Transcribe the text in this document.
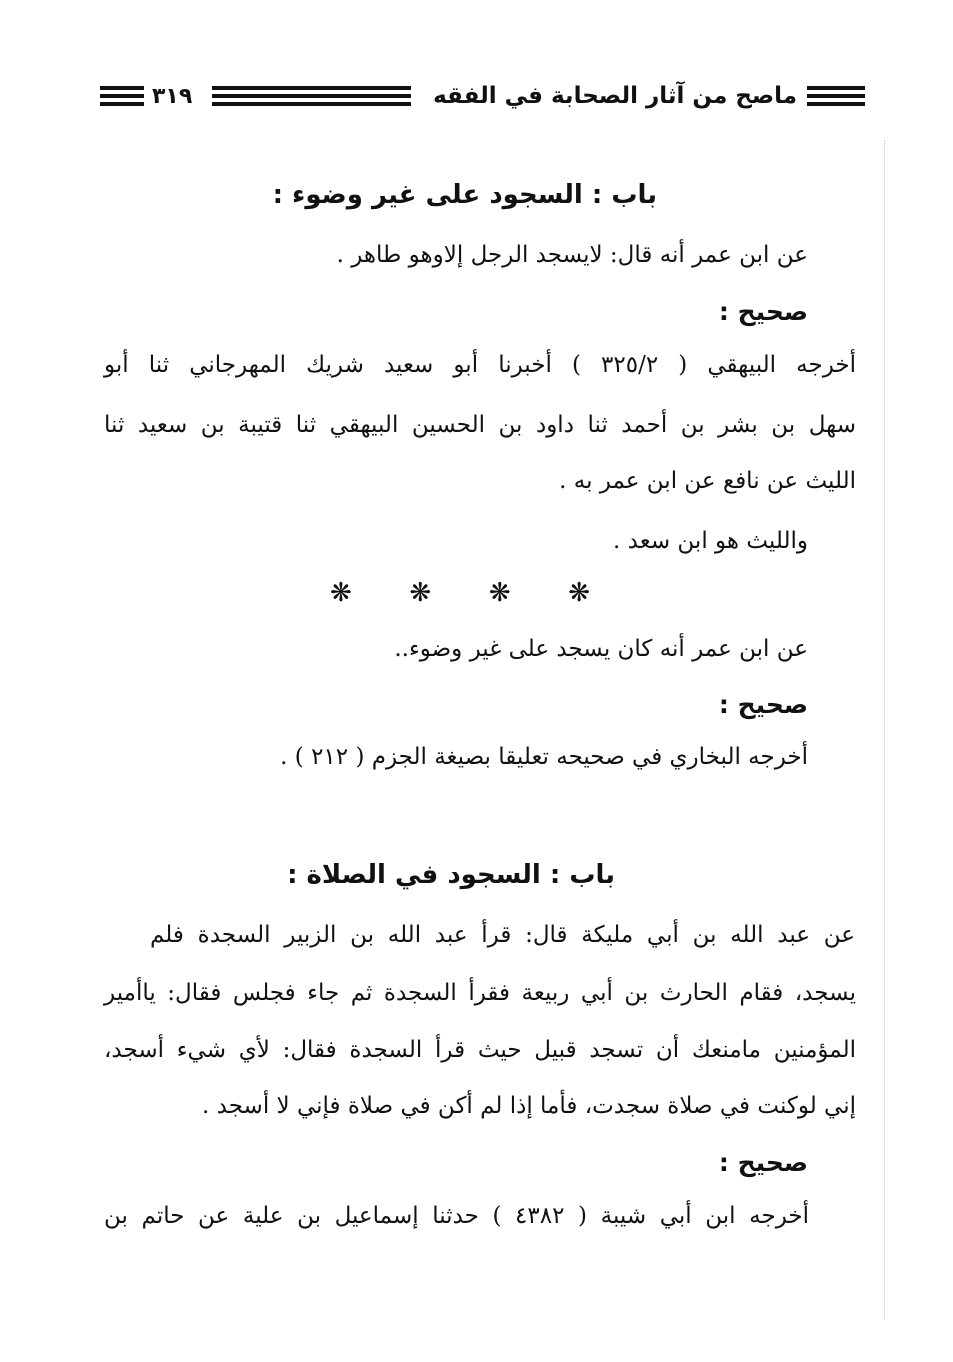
ماصح من آثار الصحابة في الفقه
٣١٩
باب : السجود على غير وضوء :
عن ابن عمر أنه قال: لايسجد الرجل إلاوهو طاهر .
صحيح :
أخرجه البيهقي ( ٣٢٥/٢ ) أخبرنا أبو سعيد شريك المهرجاني ثنا أبو
سهل بن بشر بن أحمد ثنا داود بن الحسين البيهقي ثنا قتيبة بن سعيد ثنا
الليث عن نافع عن ابن عمر به .
والليث هو ابن سعد .
❋
❋
❋
❋
عن ابن عمر أنه كان يسجد على غير وضوء..
صحيح :
أخرجه البخاري في صحيحه تعليقا بصيغة الجزم ( ٢١٢ ) .
باب : السجود في الصلاة :
عن عبد الله بن أبي مليكة قال: قرأ عبد الله بن الزبير السجدة فلم
يسجد، فقام الحارث بن أبي ربيعة فقرأ السجدة ثم جاء فجلس فقال: ياأمير
المؤمنين مامنعك أن تسجد قبيل حيث قرأ السجدة فقال: لأي شيء أسجد،
إني لوكنت في صلاة سجدت، فأما إذا لم أكن في صلاة فإني لا أسجد .
صحيح :
أخرجه ابن أبي شيبة ( ٤٣٨٢ ) حدثنا إسماعيل بن علية عن حاتم بن
